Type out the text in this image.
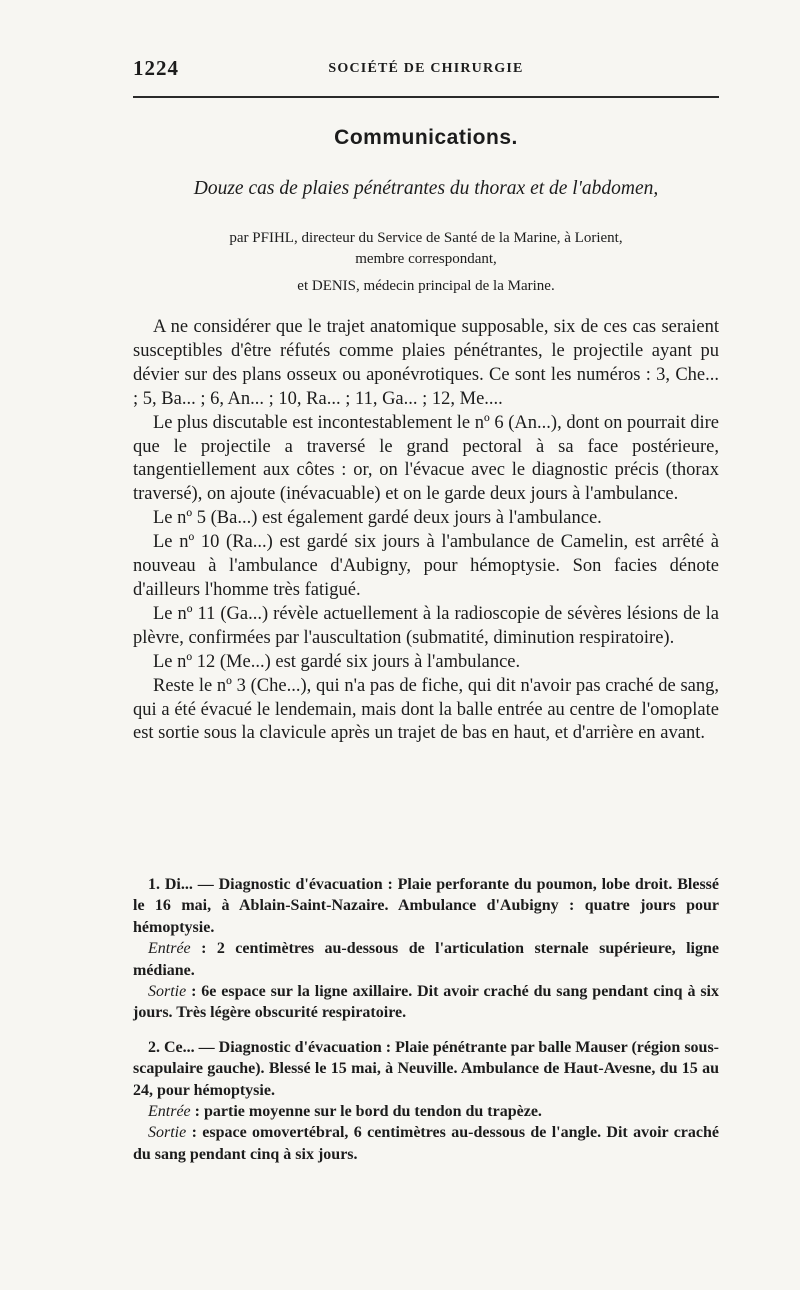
1224	SOCIÉTÉ DE CHIRURGIE
Communications.
Douze cas de plaies pénétrantes du thorax et de l'abdomen,
par PFIHL, directeur du Service de Santé de la Marine, à Lorient,
membre correspondant,
et DENIS, médecin principal de la Marine.

A ne considérer que le trajet anatomique supposable, six de ces cas seraient susceptibles d'être réfutés comme plaies pénétrantes, le projectile ayant pu dévier sur des plans osseux ou aponévrotiques. Ce sont les numéros : 3, Che... ; 5, Ba... ; 6, An... ; 10, Ra... ; 11, Ga... ; 12, Me....

Le plus discutable est incontestablement le nº 6 (An...), dont on pourrait dire que le projectile a traversé le grand pectoral à sa face postérieure, tangentiellement aux côtes : or, on l'évacue avec le diagnostic précis (thorax traversé), on ajoute (inévacuable) et on le garde deux jours à l'ambulance.

Le nº 5 (Ba...) est également gardé deux jours à l'ambulance.

Le nº 10 (Ra...) est gardé six jours à l'ambulance de Camelin, est arrêté à nouveau à l'ambulance d'Aubigny, pour hémoptysie. Son facies dénote d'ailleurs l'homme très fatigué.

Le nº 11 (Ga...) révèle actuellement à la radioscopie de sévères lésions de la plèvre, confirmées par l'auscultation (submatité, diminution respiratoire).

Le nº 12 (Me...) est gardé six jours à l'ambulance.

Reste le nº 3 (Che...), qui n'a pas de fiche, qui dit n'avoir pas craché de sang, qui a été évacué le lendemain, mais dont la balle entrée au centre de l'omoplate est sortie sous la clavicule après un trajet de bas en haut, et d'arrière en avant.

1. Di... — Diagnostic d'évacuation : Plaie perforante du poumon, lobe droit. Blessé le 16 mai, à Ablain-Saint-Nazaire. Ambulance d'Aubigny : quatre jours pour hémoptysie.

Entrée : 2 centimètres au-dessous de l'articulation sternale supérieure, ligne médiane.

Sortie : 6e espace sur la ligne axillaire. Dit avoir craché du sang pendant cinq à six jours. Très légère obscurité respiratoire.

2. Ce... — Diagnostic d'évacuation : Plaie pénétrante par balle Mauser (région sous-scapulaire gauche). Blessé le 15 mai, à Neuville. Ambulance de Haut-Avesne, du 15 au 24, pour hémoptysie.

Entrée : partie moyenne sur le bord du tendon du trapèze.

Sortie : espace omovertébral, 6 centimètres au-dessous de l'angle. Dit avoir craché du sang pendant cinq à six jours.
